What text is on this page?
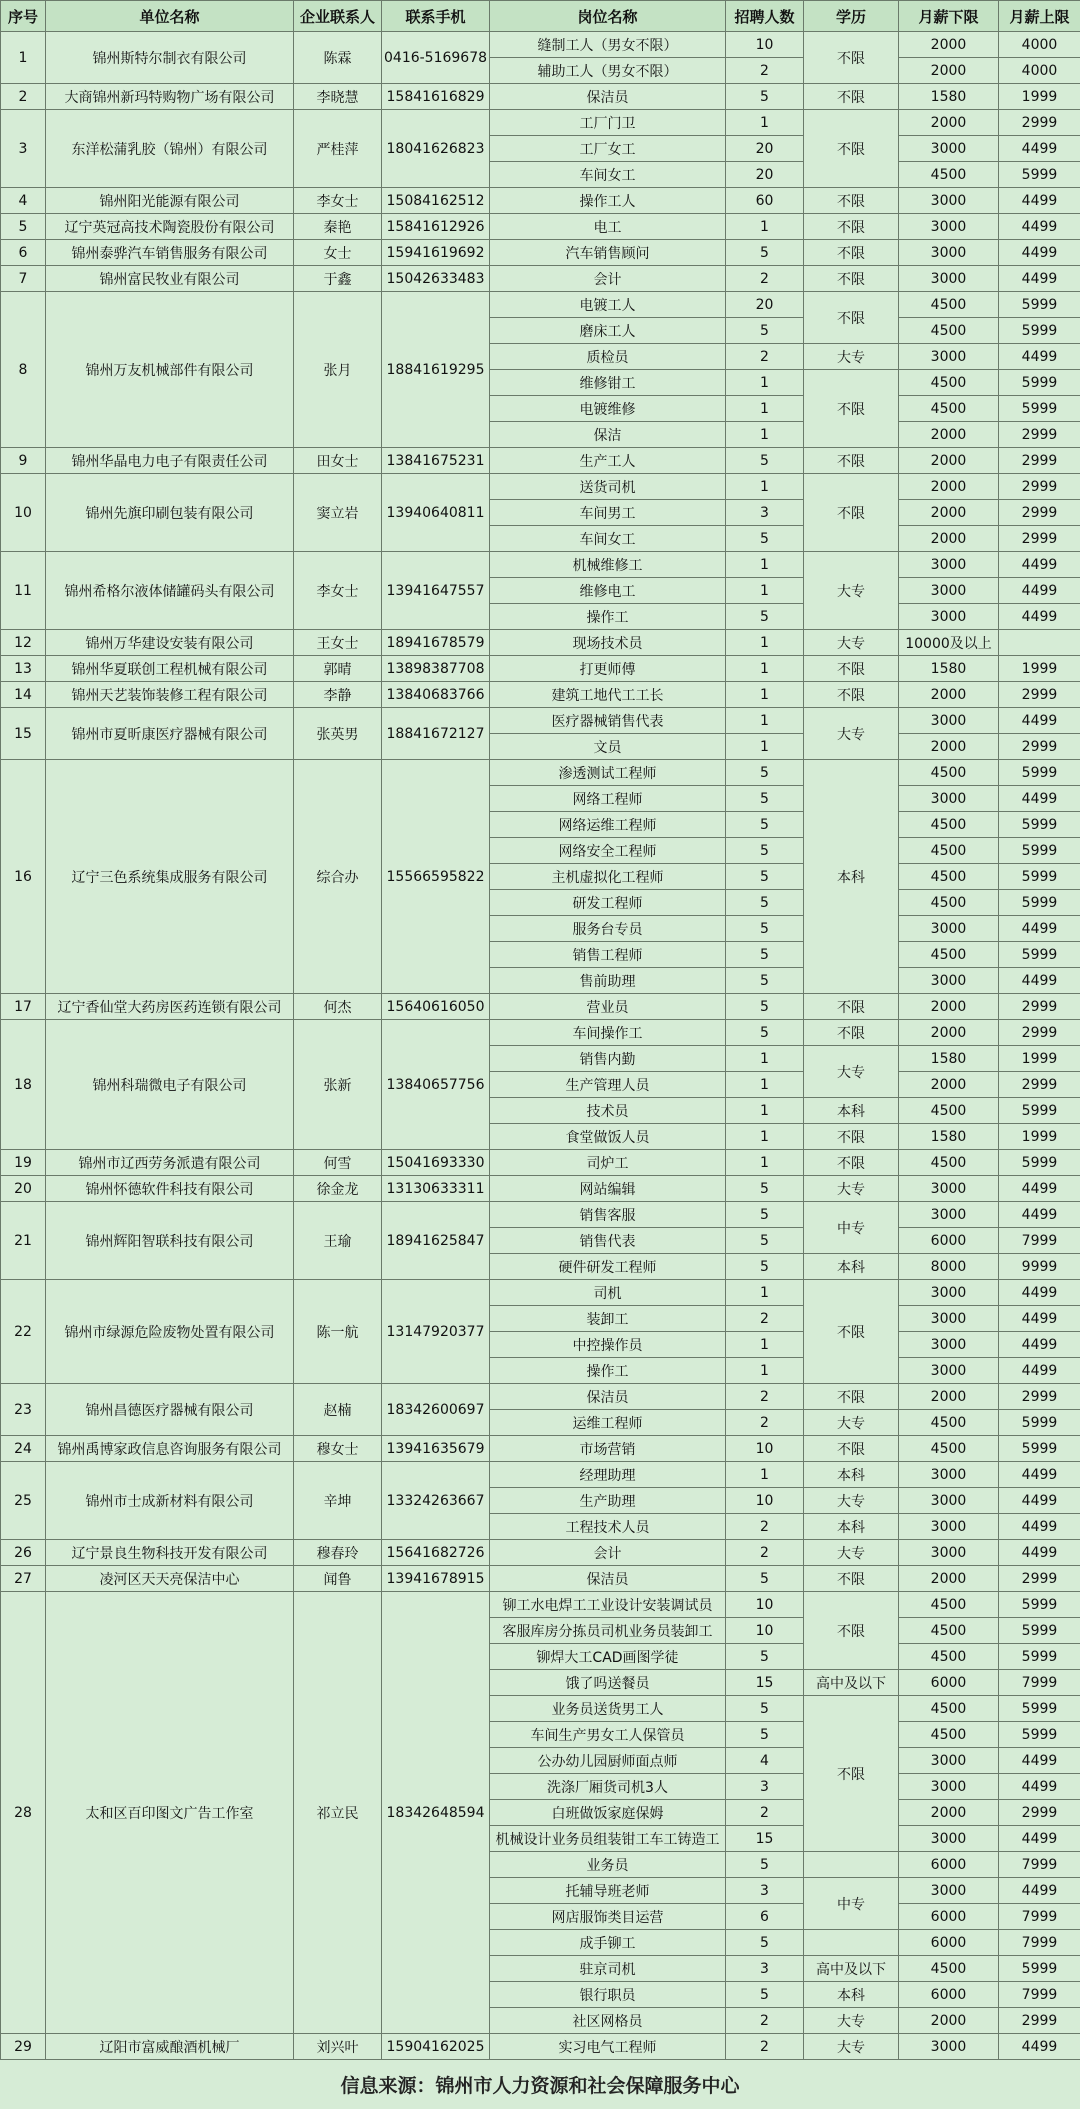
序号	单位名称	企业联系人	联系手机	岗位名称	招聘人数	学历	月薪下限	月薪上限
1	锦州斯特尔制衣有限公司	陈霖	0416-5169678	缝制工人（男女不限）	10	不限	2000	4000
				辅助工人（男女不限）	2		2000	4000
2	大商锦州新玛特购物广场有限公司	李晓慧	15841616829	保洁员	5	不限	1580	1999
3	东洋松蒲乳胶（锦州）有限公司	严桂萍	18041626823	工厂门卫	1	不限	2000	2999
				工厂女工	20		3000	4499
				车间女工	20		4500	5999
4	锦州阳光能源有限公司	李女士	15084162512	操作工人	60	不限	3000	4499
5	辽宁英冠高技术陶瓷股份有限公司	秦艳	15841612926	电工	1	不限	3000	4499
6	锦州泰骅汽车销售服务有限公司	女士	15941619692	汽车销售顾问	5	不限	3000	4499
7	锦州富民牧业有限公司	于鑫	15042633483	会计	2	不限	3000	4499
8	锦州万友机械部件有限公司	张月	18841619295	电镀工人	20	不限	4500	5999
				磨床工人	5		4500	5999
				质检员	2	大专	3000	4499
				维修钳工	1	不限	4500	5999
				电镀维修	1		4500	5999
				保洁	1		2000	2999
9	锦州华晶电力电子有限责任公司	田女士	13841675231	生产工人	5	不限	2000	2999
10	锦州先旗印刷包装有限公司	窦立岩	13940640811	送货司机	1	不限	2000	2999
				车间男工	3		2000	2999
				车间女工	5		2000	2999
11	锦州希格尔液体储罐码头有限公司	李女士	13941647557	机械维修工	1	大专	3000	4499
				维修电工	1		3000	4499
				操作工	5		3000	4499
12	锦州万华建设安装有限公司	王女士	18941678579	现场技术员	1	大专	10000及以上	
13	锦州华夏联创工程机械有限公司	郭晴	13898387708	打更师傅	1	不限	1580	1999
14	锦州天艺装饰装修工程有限公司	李静	13840683766	建筑工地代工工长	1	不限	2000	2999
15	锦州市夏昕康医疗器械有限公司	张英男	18841672127	医疗器械销售代表	1	大专	3000	4499
				文员	1		2000	2999
16	辽宁三色系统集成服务有限公司	综合办	15566595822	渗透测试工程师	5	本科	4500	5999
				网络工程师	5		3000	4499
				网络运维工程师	5		4500	5999
				网络安全工程师	5		4500	5999
				主机虚拟化工程师	5		4500	5999
				研发工程师	5		4500	5999
				服务台专员	5		3000	4499
				销售工程师	5		4500	5999
				售前助理	5		3000	4499
17	辽宁香仙堂大药房医药连锁有限公司	何杰	15640616050	营业员	5	不限	2000	2999
18	锦州科瑞微电子有限公司	张新	13840657756	车间操作工	5	不限	2000	2999
				销售内勤	1	大专	1580	1999
				生产管理人员	1		2000	2999
				技术员	1	本科	4500	5999
				食堂做饭人员	1	不限	1580	1999
19	锦州市辽西劳务派遣有限公司	何雪	15041693330	司炉工	1	不限	4500	5999
20	锦州怀德软件科技有限公司	徐金龙	13130633311	网站编辑	5	大专	3000	4499
21	锦州辉阳智联科技有限公司	王瑜	18941625847	销售客服	5	中专	3000	4499
				销售代表	5		6000	7999
				硬件研发工程师	5	本科	8000	9999
22	锦州市绿源危险废物处置有限公司	陈一航	13147920377	司机	1	不限	3000	4499
				装卸工	2		3000	4499
				中控操作员	1		3000	4499
				操作工	1		3000	4499
23	锦州昌德医疗器械有限公司	赵楠	18342600697	保洁员	2	不限	2000	2999
				运维工程师	2	大专	4500	5999
24	锦州禹博家政信息咨询服务有限公司	穆女士	13941635679	市场营销	10	不限	4500	5999
25	锦州市士成新材料有限公司	辛坤	13324263667	经理助理	1	本科	3000	4499
				生产助理	10	大专	3000	4499
				工程技术人员	2	本科	3000	4499
26	辽宁景良生物科技开发有限公司	穆春玲	15641682726	会计	2	大专	3000	4499
27	凌河区天天亮保洁中心	闻鲁	13941678915	保洁员	5	不限	2000	2999
28	太和区百印图文广告工作室	祁立民	18342648594	铆工水电焊工工业设计安装调试员	10	不限	4500	5999
				客服库房分拣员司机业务员装卸工	10		4500	5999
				铆焊大工CAD画图学徒	5		4500	5999
				饿了吗送餐员	15	高中及以下	6000	7999
				业务员送货男工人	5	不限	4500	5999
				车间生产男女工人保管员	5		4500	5999
				公办幼儿园厨师面点师	4		3000	4499
				洗涤厂厢货司机3人	3		3000	4499
				白班做饭家庭保姆	2		2000	2999
				机械设计业务员组装钳工车工铸造工	15		3000	4499
				业务员	5		6000	7999
				托辅导班老师	3	中专	3000	4499
				网店服饰类目运营	6		6000	7999
				成手铆工	5		6000	7999
				驻京司机	3	高中及以下	4500	5999
				银行职员	5	本科	6000	7999
				社区网格员	2	大专	2000	2999
29	辽阳市富威酿酒机械厂	刘兴叶	15904162025	实习电气工程师	2	大专	3000	4499
信息来源：锦州市人力资源和社会保障服务中心
